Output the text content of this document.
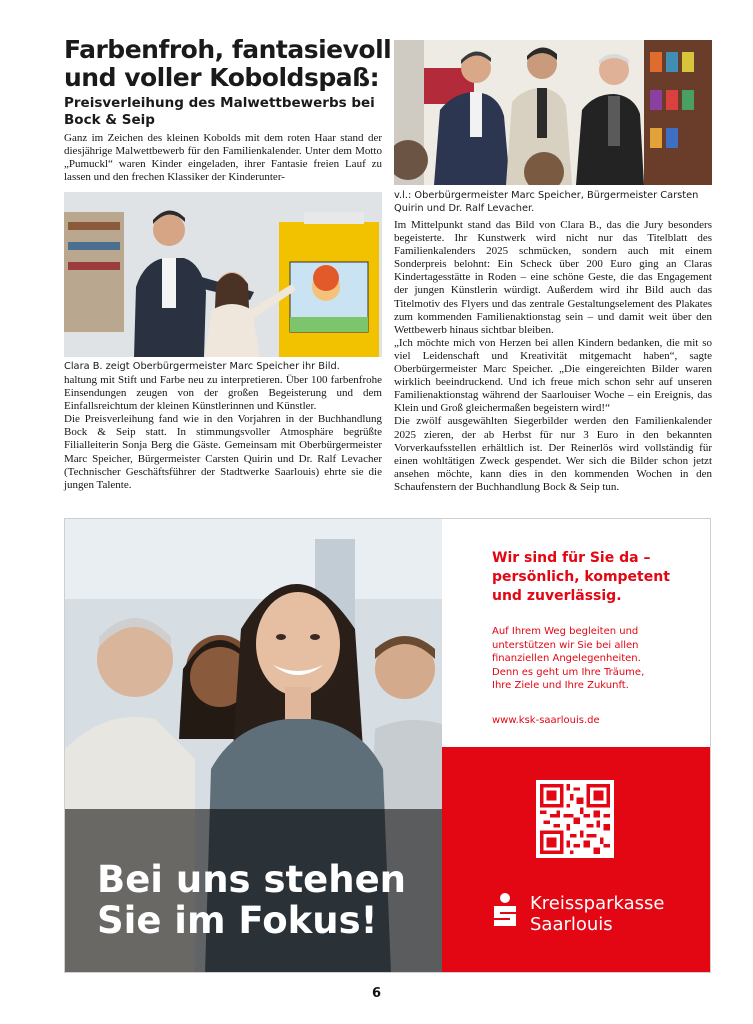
Farbenfroh, fantasievoll
und voller Koboldspaß:
Preisverleihung des Malwettbewerbs bei
Bock & Seip

Ganz im Zeichen des kleinen Kobolds mit dem roten Haar stand der diesjährige Malwettbewerb für den Familienkalender. Unter dem Motto „Pumuckl“ waren Kinder eingeladen, ihrer Fantasie freien Lauf zu lassen und den frechen Klassiker der Kinderunter-

Clara B. zeigt Oberbürgermeister Marc Speicher ihr Bild.

haltung mit Stift und Farbe neu zu interpretieren. Über 100 farbenfrohe Einsendungen zeugen von der großen Begeisterung und dem Einfallsreichtum der kleinen Künstlerinnen und Künstler.

Die Preisverleihung fand wie in den Vorjahren in der Buchhandlung Bock & Seip statt. In stimmungsvoller Atmosphäre begrüßte Filialleiterin Sonja Berg die Gäste. Gemeinsam mit Oberbürgermeister Marc Speicher, Bürgermeister Carsten Quirin und Dr. Ralf Levacher (Technischer Geschäftsführer der Stadtwerke Saarlouis) ehrte sie die jungen Talente.

v.l.: Oberbürgermeister Marc Speicher, Bürgermeister Carsten Quirin und Dr. Ralf Levacher.

Im Mittelpunkt stand das Bild von Clara B., das die Jury besonders begeisterte. Ihr Kunstwerk wird nicht nur das Titelblatt des Familienkalenders 2025 schmücken, sondern auch mit einem Sonderpreis belohnt: Ein Scheck über 200 Euro ging an Claras Kindertagesstätte in Roden – eine schöne Geste, die das Engagement der jungen Künstlerin würdigt. Außerdem wird ihr Bild auch das Titelmotiv des Flyers und das zentrale Gestaltungselement des Plakates zum kommenden Familienaktionstag sein – und damit weit über den Wettbewerb hinaus sichtbar bleiben.

„Ich möchte mich von Herzen bei allen Kindern bedanken, die mit so viel Leidenschaft und Kreativität mitgemacht haben“, sagte Oberbürgermeister Marc Speicher. „Die eingereichten Bilder waren wirklich beeindruckend. Und ich freue mich schon sehr auf unseren Familienaktionstag während der Saarlouiser Woche – ein Ereignis, das Klein und Groß gleichermaßen begeistern wird!“

Die zwölf ausgewählten Siegerbilder werden den Familienkalender 2025 zieren, der ab Herbst für nur 3 Euro in den bekannten Vorverkaufsstellen erhältlich ist. Der Reinerlös wird vollständig für einen wohltätigen Zweck gespendet. Wer sich die Bilder schon jetzt ansehen möchte, kann dies in den kommenden Wochen in den Schaufenstern der Buchhandlung Bock & Seip tun.

Bei uns stehen
Sie im Fokus!
Wir sind für Sie da –
persönlich, kompetent
und zuverlässig.
Auf Ihrem Weg begleiten und
unterstützen wir Sie bei allen
finanziellen Angelegenheiten.
Denn es geht um Ihre Träume,
Ihre Ziele und Ihre Zukunft.
www.ksk-saarlouis.de
Kreissparkasse
Saarlouis
6
